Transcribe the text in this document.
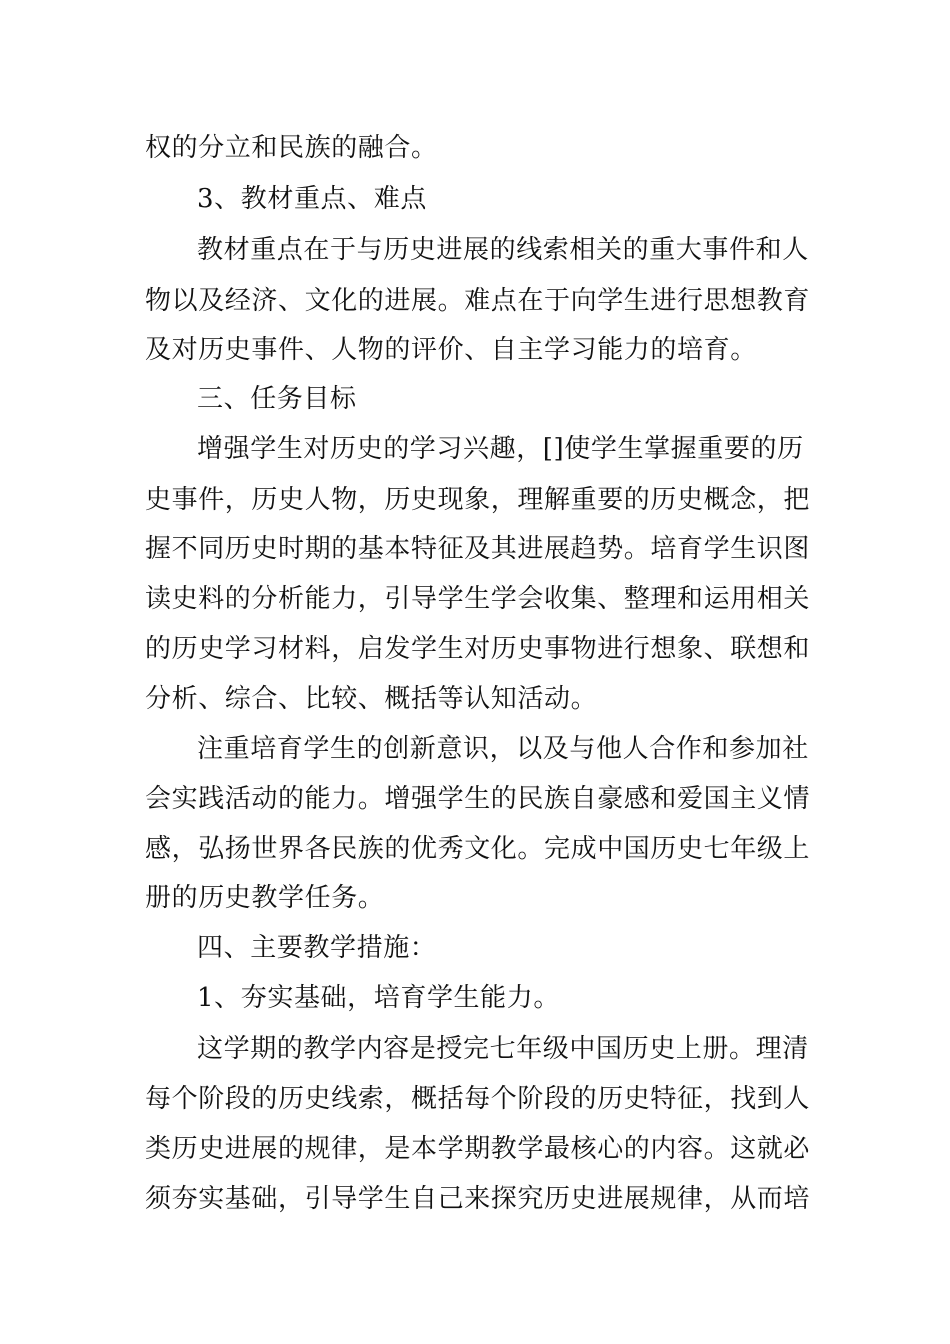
权的分立和民族的融合。
3、教材重点、难点
教材重点在于与历史进展的线索相关的重大事件和人
物以及经济、文化的进展。难点在于向学生进行思想教育
及对历史事件、人物的评价、自主学习能力的培育。
三、任务目标
增强学生对历史的学习兴趣，[]使学生掌握重要的历
史事件，历史人物，历史现象，理解重要的历史概念，把
握不同历史时期的基本特征及其进展趋势。培育学生识图
读史料的分析能力，引导学生学会收集、整理和运用相关
的历史学习材料，启发学生对历史事物进行想象、联想和
分析、综合、比较、概括等认知活动。
注重培育学生的创新意识，以及与他人合作和参加社
会实践活动的能力。增强学生的民族自豪感和爱国主义情
感，弘扬世界各民族的优秀文化。完成中国历史七年级上
册的历史教学任务。
四、主要教学措施：
1、夯实基础，培育学生能力。
这学期的教学内容是授完七年级中国历史上册。理清
每个阶段的历史线索，概括每个阶段的历史特征，找到人
类历史进展的规律，是本学期教学最核心的内容。这就必
须夯实基础，引导学生自己来探究历史进展规律，从而培
